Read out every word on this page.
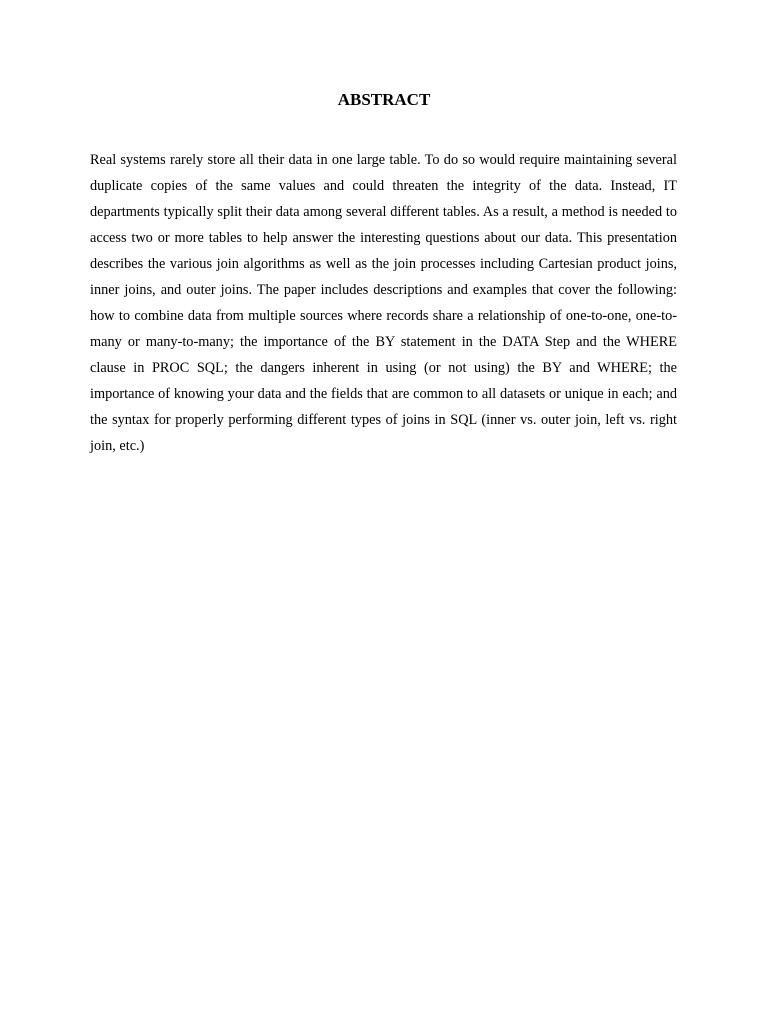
ABSTRACT

Real systems rarely store all their data in one large table. To do so would require maintaining several duplicate copies of the same values and could threaten the integrity of the data. Instead, IT departments typically split their data among several different tables. As a result, a method is needed to access two or more tables to help answer the interesting questions about our data. This presentation describes the various join algorithms as well as the join processes including Cartesian product joins, inner joins, and outer joins. The paper includes descriptions and examples that cover the following: how to combine data from multiple sources where records share a relationship of one-to-one, one-to-many or many-to-many; the importance of the BY statement in the DATA Step and the WHERE clause in PROC SQL; the dangers inherent in using (or not using) the BY and WHERE; the importance of knowing your data and the fields that are common to all datasets or unique in each; and the syntax for properly performing different types of joins in SQL (inner vs. outer join, left vs. right join, etc.)
